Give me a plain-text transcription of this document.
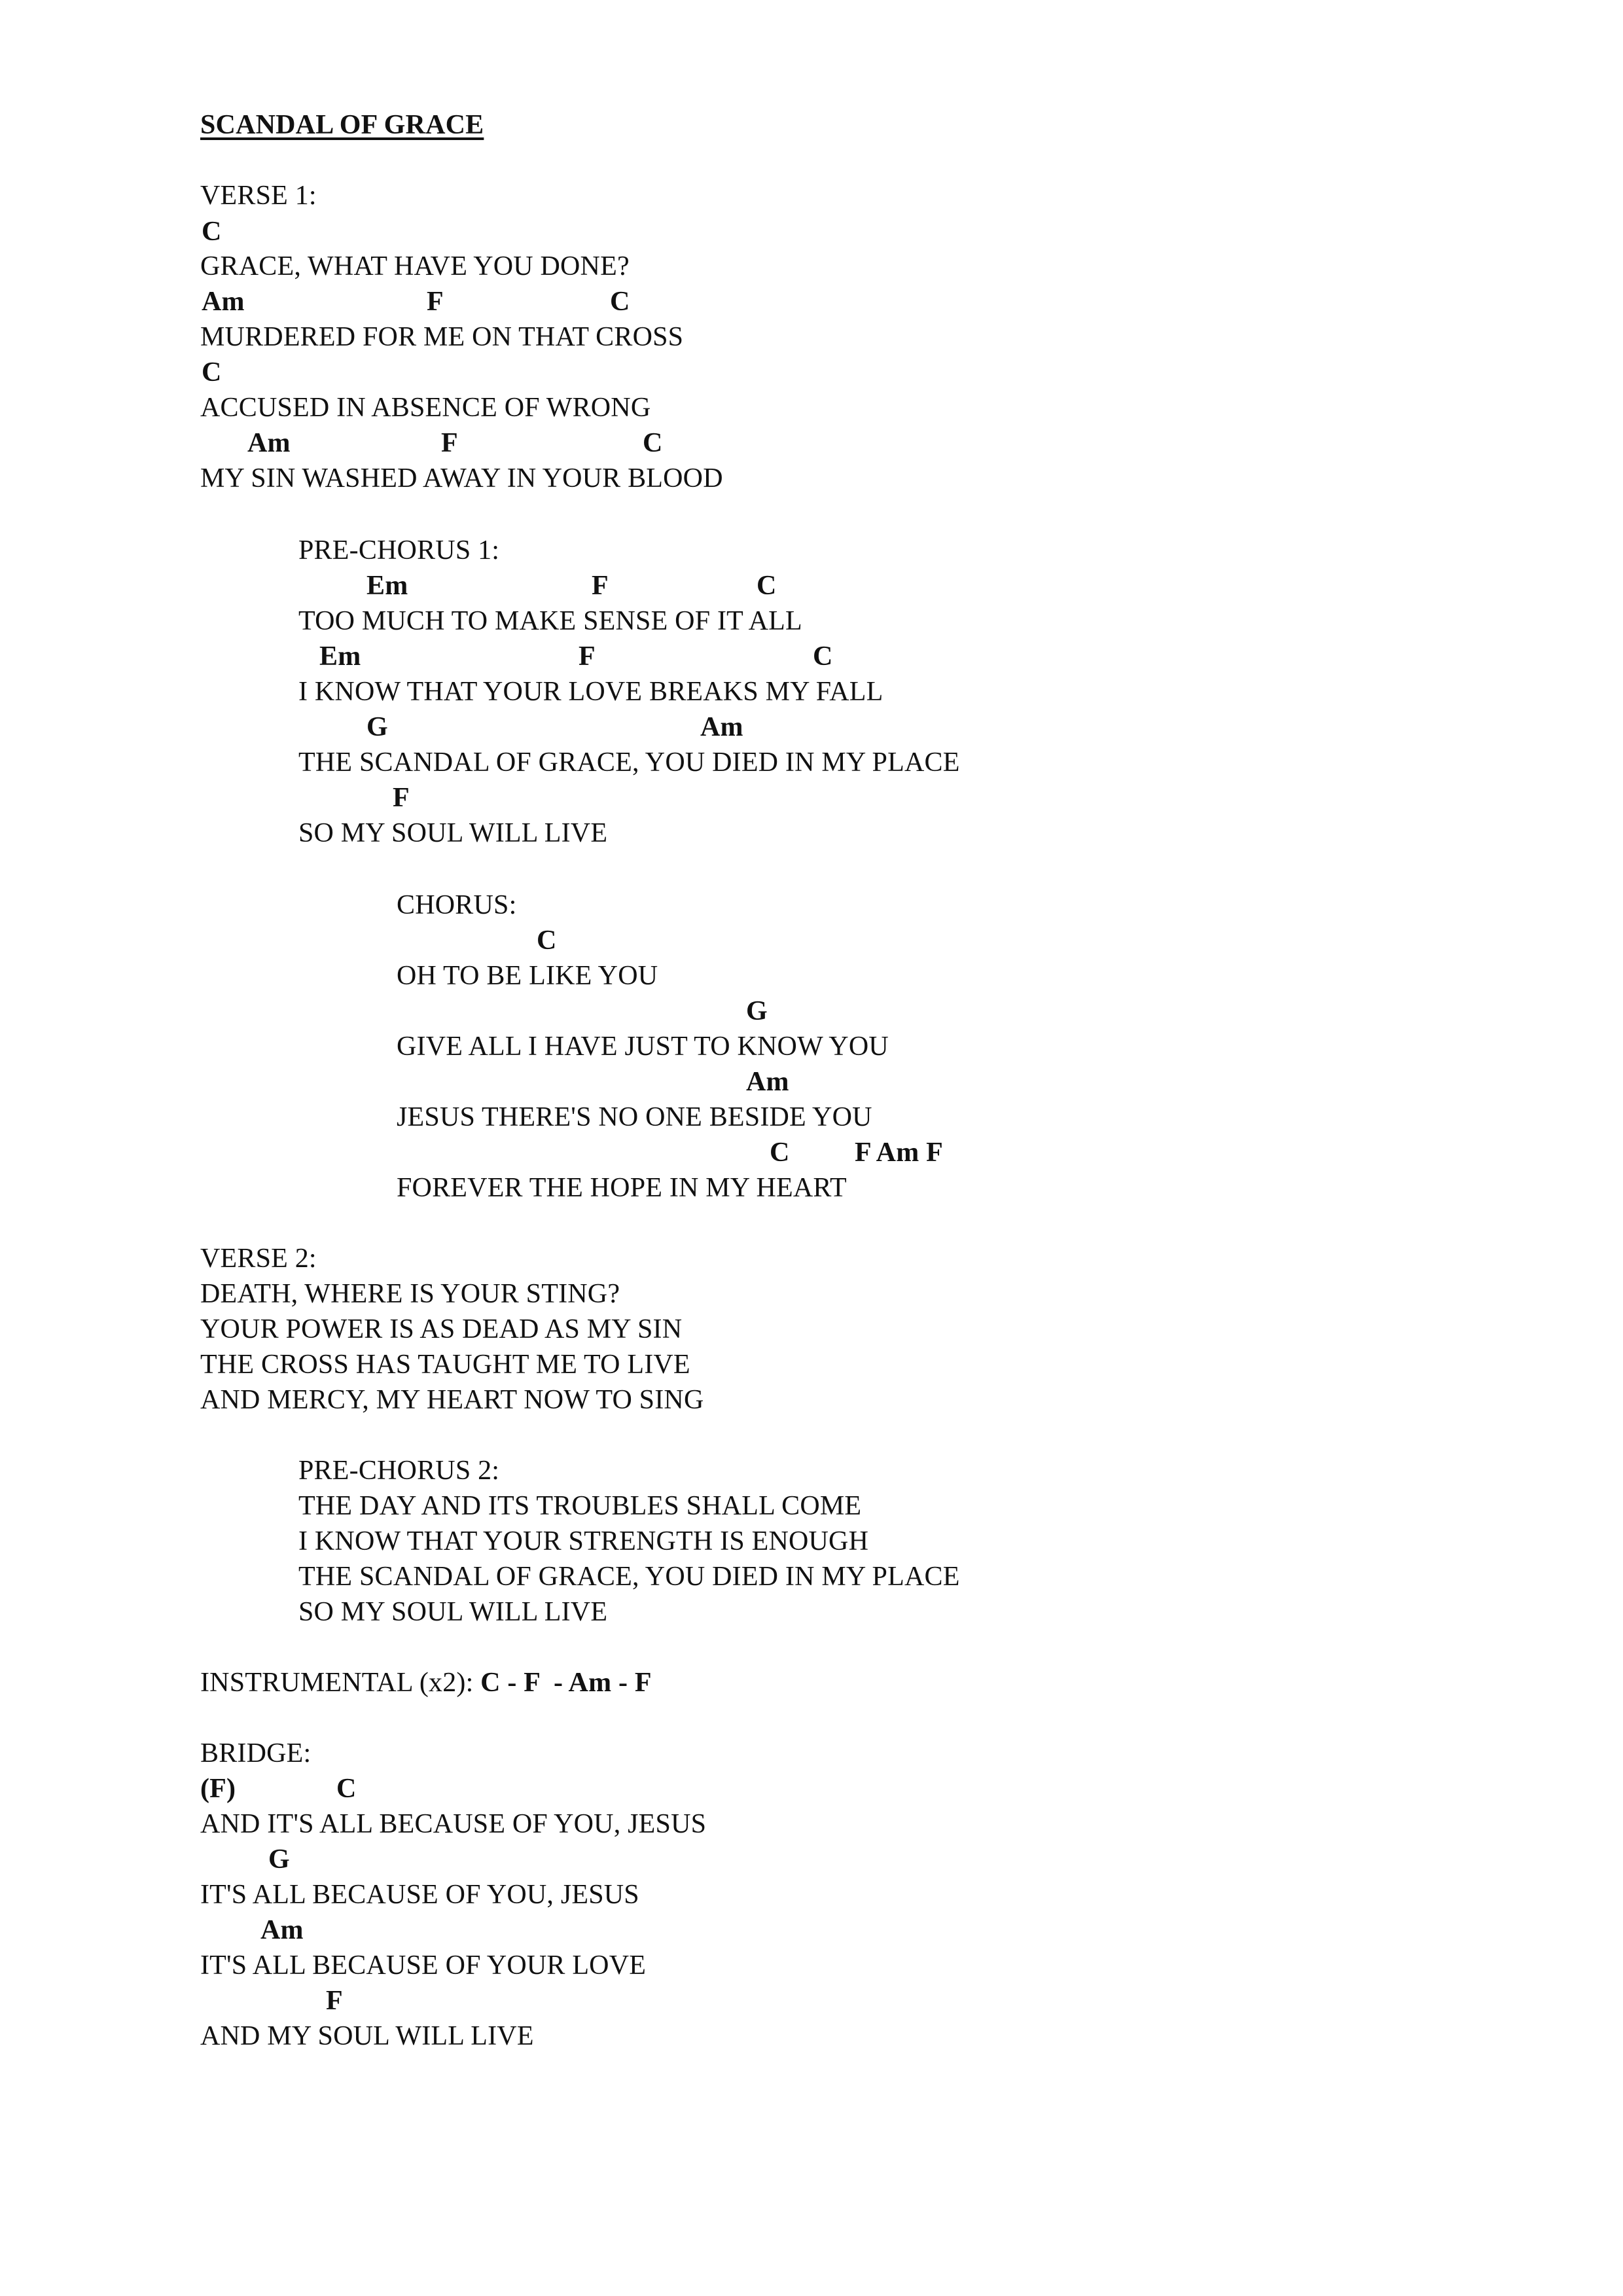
SCANDAL OF GRACE
VERSE 1:
C
GRACE, WHAT HAVE YOU DONE?
Am	F	C
MURDERED FOR ME ON THAT CROSS
C
ACCUSED IN ABSENCE OF WRONG
Am	F	C
MY SIN WASHED AWAY IN YOUR BLOOD
PRE-CHORUS 1:
Em	F	C
TOO MUCH TO MAKE SENSE OF IT ALL
Em	F	C
I KNOW THAT YOUR LOVE BREAKS MY FALL
G	Am
THE SCANDAL OF GRACE, YOU DIED IN MY PLACE
F
SO MY SOUL WILL LIVE
CHORUS:
C
OH TO BE LIKE YOU
G
GIVE ALL I HAVE JUST TO KNOW YOU
Am
JESUS THERE'S NO ONE BESIDE YOU
C F Am F
FOREVER THE HOPE IN MY HEART
VERSE 2:
DEATH, WHERE IS YOUR STING?
YOUR POWER IS AS DEAD AS MY SIN
THE CROSS HAS TAUGHT ME TO LIVE
AND MERCY, MY HEART NOW TO SING
PRE-CHORUS 2:
THE DAY AND ITS TROUBLES SHALL COME
I KNOW THAT YOUR STRENGTH IS ENOUGH
THE SCANDAL OF GRACE, YOU DIED IN MY PLACE
SO MY SOUL WILL LIVE
INSTRUMENTAL (x2): C - F  - Am - F
BRIDGE:
(F)	C
AND IT'S ALL BECAUSE OF YOU, JESUS
G
IT'S ALL BECAUSE OF YOU, JESUS
Am
IT'S ALL BECAUSE OF YOUR LOVE
F
AND MY SOUL WILL LIVE
